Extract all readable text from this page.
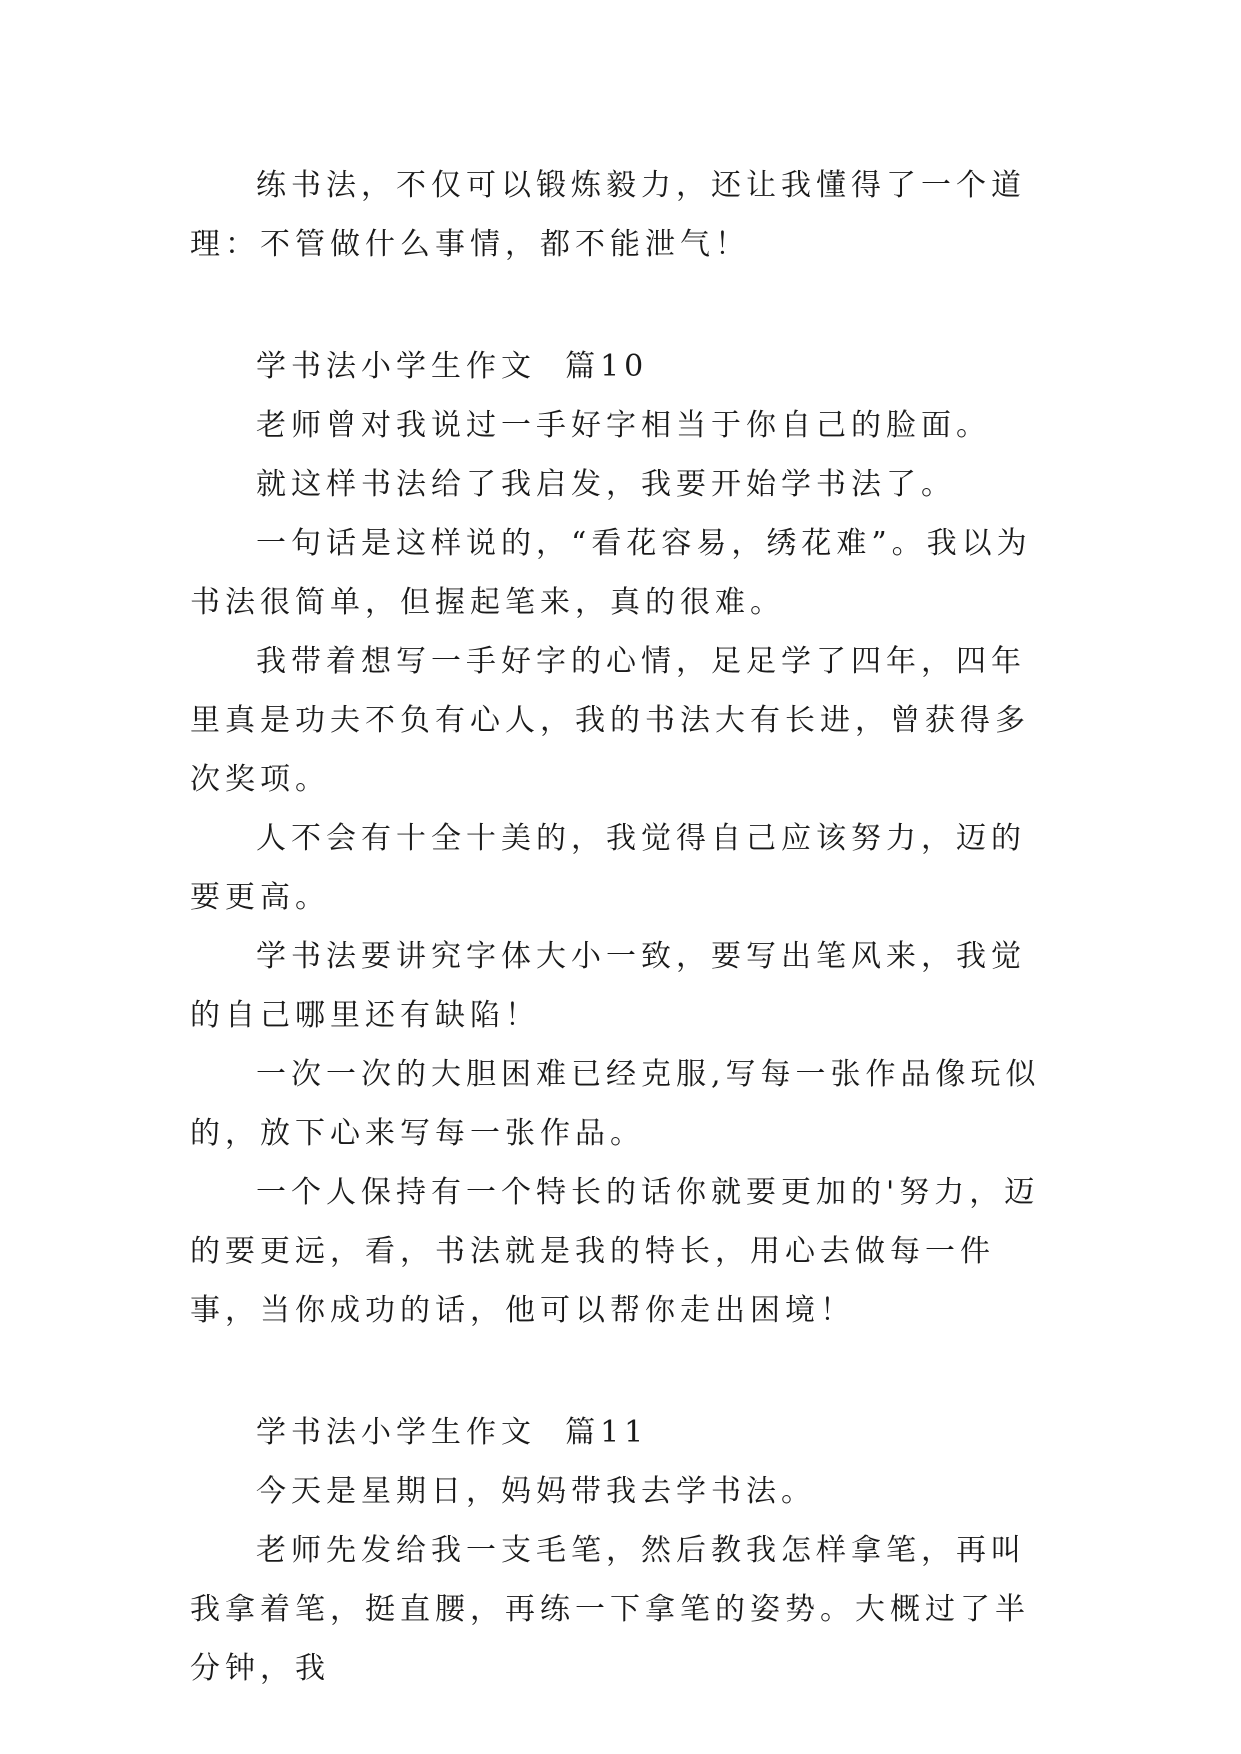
练书法，不仅可以锻炼毅力，还让我懂得了一个道理：不管做什么事情，都不能泄气！

学书法小学生作文  篇10

老师曾对我说过一手好字相当于你自己的脸面。

就这样书法给了我启发，我要开始学书法了。

一句话是这样说的，“看花容易，绣花难”。我以为书法很简单，但握起笔来，真的很难。

我带着想写一手好字的心情，足足学了四年，四年里真是功夫不负有心人，我的书法大有长进，曾获得多次奖项。

人不会有十全十美的，我觉得自己应该努力，迈的要更高。

学书法要讲究字体大小一致，要写出笔风来，我觉的自己哪里还有缺陷！

一次一次的大胆困难已经克服,写每一张作品像玩似的，放下心来写每一张作品。

一个人保持有一个特长的话你就要更加的'努力，迈的要更远，看，书法就是我的特长，用心去做每一件事，当你成功的话，他可以帮你走出困境！

学书法小学生作文  篇11

今天是星期日，妈妈带我去学书法。

老师先发给我一支毛笔，然后教我怎样拿笔，再叫我拿着笔，挺直腰，再练一下拿笔的姿势。大概过了半分钟，我
